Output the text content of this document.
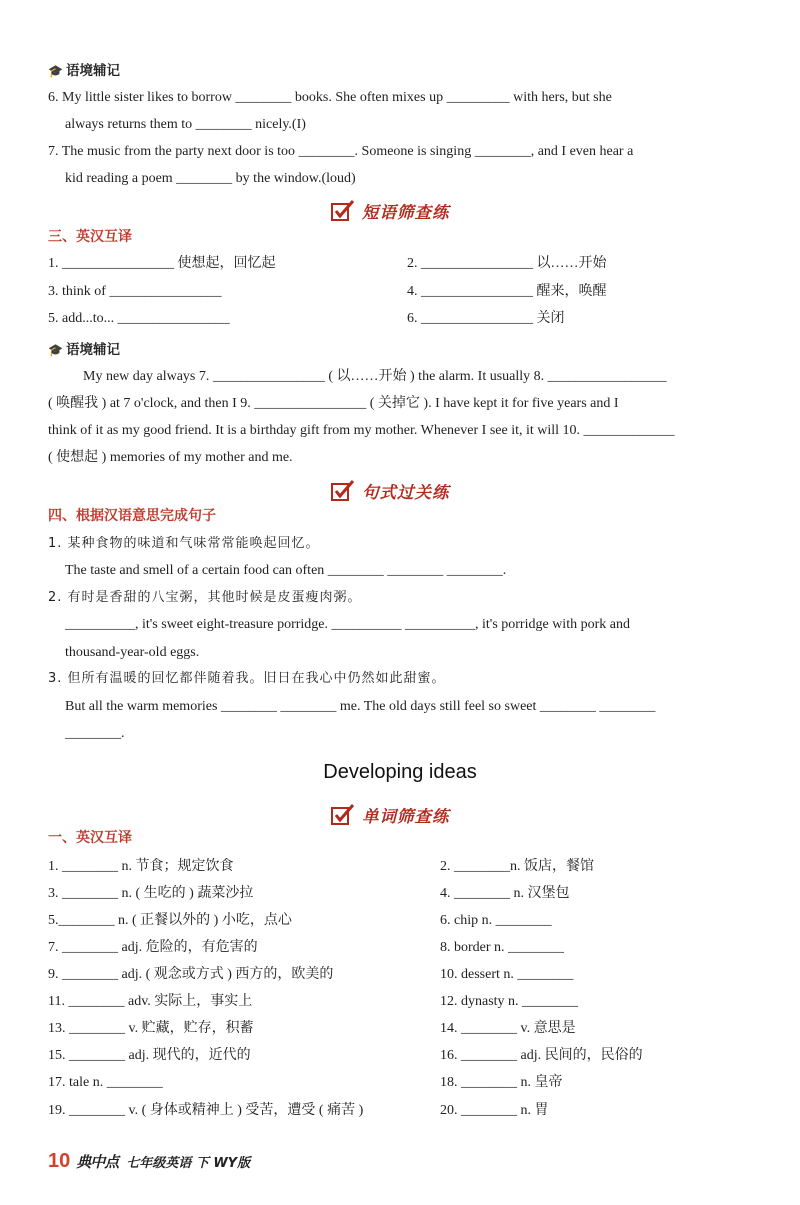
🎓 语境辅记
6. My little sister likes to borrow ________ books. She often mixes up _________ with hers, but she
always returns them to ________ nicely.(I)
7. The music from the party next door is too ________. Someone is singing ________, and I even hear a
kid reading a poem ________ by the window.(loud)
短语筛查练
三、英汉互译
1. ________________ 使想起，回忆起	2. ________________ 以……开始
3. think of ________________	4. ________________ 醒来，唤醒
5. add...to... ________________	6. ________________ 关闭
🎓 语境辅记
My new day always 7. ________________ ( 以……开始 ) the alarm. It usually 8. _________________
( 唤醒我 ) at 7 o'clock, and then I 9. ________________ ( 关掉它 ). I have kept it for five years and I
think of it as my good friend. It is a birthday gift from my mother. Whenever I see it, it will 10. _____________
( 使想起 ) memories of my mother and me.
句式过关练
四、根据汉语意思完成句子
1. 某种食物的味道和气味常常能唤起回忆。
The taste and smell of a certain food can often ________ ________ ________.
2. 有时是香甜的八宝粥，其他时候是皮蛋瘦肉粥。
__________, it's sweet eight-treasure porridge. __________ __________, it's porridge with pork and
thousand-year-old eggs.
3. 但所有温暖的回忆都伴随着我。旧日在我心中仍然如此甜蜜。
But all the warm memories ________ ________ me. The old days still feel so sweet ________ ________
________.
Developing ideas
单词筛查练
一、英汉互译
1. ________ n. 节食；规定饮食	2. ________n. 饭店，餐馆
3. ________ n. ( 生吃的 ) 蔬菜沙拉	4. ________ n. 汉堡包
5.________ n. ( 正餐以外的 ) 小吃，点心	6. chip n. ________
7. ________ adj. 危险的，有危害的	8. border n. ________
9. ________ adj. ( 观念或方式 ) 西方的，欧美的	10. dessert n. ________
11. ________ adv. 实际上，事实上	12. dynasty n. ________
13. ________ v. 贮藏，贮存，积蓄	14. ________ v. 意思是
15. ________ adj. 现代的，近代的	16. ________ adj. 民间的，民俗的
17. tale n. ________	18. ________ n. 皇帝
19. ________ v. ( 身体或精神上 ) 受苦，遭受 ( 痛苦 )	20. ________ n. 胃
10 典中点 七年级英语 下 WY版
